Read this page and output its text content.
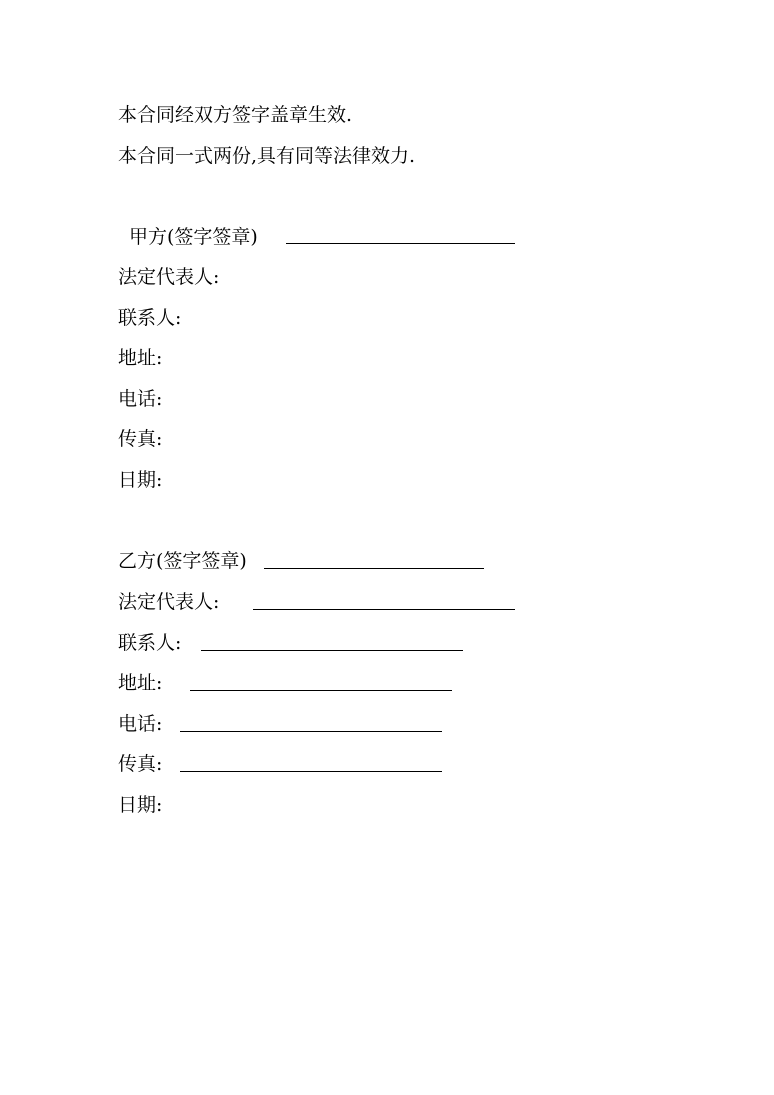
本合同经双方签字盖章生效.
本合同一式两份,具有同等法律效力.
甲方(签字签章)
法定代表人:
联系人:
地址:
电话:
传真:
日期:
乙方(签字签章)
法定代表人:
联系人:
地址:
电话:
传真:
日期:
